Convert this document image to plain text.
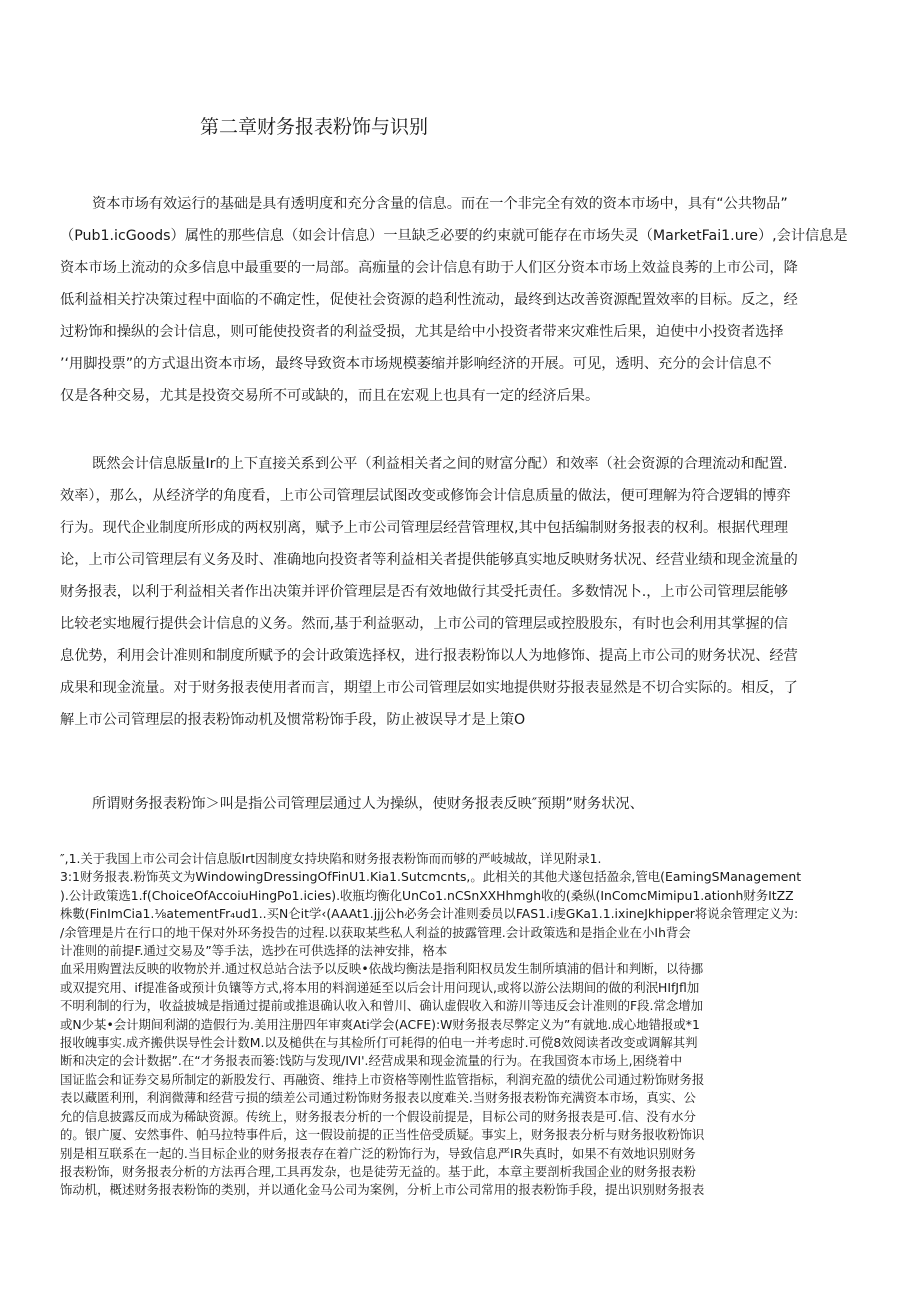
第二章财务报表粉饰与识别
资本市场有效运行的基础是具有透明度和充分含量的信息。而在一个非完全有效的资本市场中，具有“公共物品”
（Pub1.icGoods）属性的那些信息（如会计信息）一旦缺乏必要的约束就可能存在市场失灵（MarketFai1.ure）,会计信息是
资本市场上流动的众多信息中最重要的一局部。高痂量的会计信息有助于人们区分资本市场上效益良莠的上市公司，降
低利益相关拧决策过程中面临的不确定性，促使社会资源的趋利性流动，最终到达改善资源配置效率的目标。反之，经
过粉饰和操纵的会计信息，则可能使投资者的利益受损，尤其是给中小投资者带来灾难性后果，迫使中小投资者选择
’‘用脚投票”的方式退出资本市场，最终导致资本市场规模萎缩并影响经济的开展。可见，透明、充分的会计信息不
仅是各种交易，尤其是投资交易所不可或缺的，而且在宏观上也具有一定的经济后果。
既然会计信息版量Ir的上下直接关系到公平（利益相关者之间的财富分配）和效率（社会资源的合理流动和配置.
效率），那么，从经济学的角度看，上市公司管理层试图改变或修饰会计信息质量的做法，便可理解为符合逻辑的博弈
行为。现代企业制度所形成的两权别离，赋予上市公司管理层经营管理权,其中包括编制财务报表的权利。根据代理理
论，上市公司管理层有义务及时、准确地向投资者等利益相关者提供能够真实地反映财务状况、经营业绩和现金流量的
财务报表，以利于利益相关者作出决策并评价管理层是否有效地做行其受托责任。多数情况卜.，上市公司管理层能够
比较老实地履行提供会计信息的义务。然而,基于利益驱动，上市公司的管理层或控股股东，有时也会利用其掌握的信
息优势，利用会计准则和制度所赋予的会计政策选择权，进行报表粉饰以人为地修饰、提高上市公司的财务状况、经营
成果和现金流量。对于财务报表使用者而言，期望上市公司管理层如实地提供财芬报表显然是不切合实际的。相反，了
解上市公司管理层的报表粉饰动机及惯常粉饰手段，防止被误导才是上策O
所谓财务报表粉饰＞叫是指公司管理层通过人为操纵，使财务报表反映″预期”财务状况、
″,1.关于我国上市公司会计信息版Irt因制度女持块陷和财务报表粉饰而而够的严岐城故，详见附录1.
3:1财务报表.粉饰英文为WindowingDressingOfFinU1.Kia1.Sutcmcnts,。此相关的其他犬遂包括盈余,管电(EamingSManagement
).公计政策选1.f(ChoiceOfAccoiuHingPo1.icies).收瓶均衡化UnCo1.nCSnXXHhmgh收的(桑纵(InComcMimipu1.ationh财务ItZZ
株數(FinImCia1.⅛atementFr₄ud1..买N仑it学‹(AAAt1.jjj公h必务会计准则委员以FAS1.i虔GKa1.1.ixineJkhipper将说余管理定义为:
/余管理是片在行口的地干保对外环务投告的过程.以获取某些私人利益的披露管理.会计政策选和是指企业在小Ih背会
计准则的前提F.通过交易及”等手法，选抄在可供选择的法神安排，格本
血采用购置法反映的收物於并.通过权总站合法予以反映•依战均衡法是指利阳权员发生制所填浦的倡计和判断，以待挪
或双提究用、if提准备或预计负镶等方式,将本用的料润递延至以后会计用问现认,或将以游公法期间的做的利泯HIfJfl加
不明利制的行为，收益披城是指通过提前或推退确认收入和曾川、确认虚假收入和游川等违反会计准则的F段.常念增加
或N少某•会计期间利湖的造假行为.美用注册四年审爽Ati学会(ACFE):W财务报表尽弊定义为”有就地.成心地错报或*1
报收魄事实.成齐搬供误导性会计数M.以及槌供在与其检所仃可耗得的伯电一并考虑时.可傥8效阅读者改变或调解其判
断和决定的会计数据”.在“才务报表而篓:饯防与发现/IVI'.经营成果和现金流量的行为。在我国资本市场上,困绕着中
国证监会和证券交易所制定的新股发行、再融资、维持上市资格等刚性监管指标，利润充盈的绩优公司通过粉饰财务报
表以藏匿利刑，利润微薄和经营亏损的绩差公司通过粉饰财务报表以度难关.当财务报表粉饰充满资本市场，真实、公
允的信息披露反而成为稀缺资源。传统上，财务报表分析的一个假设前提是，目标公司的财务报表是可.信、没有水分
的。银广厦、安然事件、帕马拉特事件后，这一假设前提的正当性倍受质疑。事实上，财务报表分析与财务报收粉饰识
别是相互联系在一起的.当目标企业的财务报表存在着广泛的粉饰行为，导致信息严IR失真时，如果不有效地识别财务
报表粉饰，财务报表分析的方法再合理,工具再发杂，也是徒劳无益的。基于此，本章主要剖析我国企业的财务报表粉
饰动机，概述财务报表粉饰的类别，并以通化金马公司为案例，分析上市公司常用的报表粉饰手段，提出识别财务报表
